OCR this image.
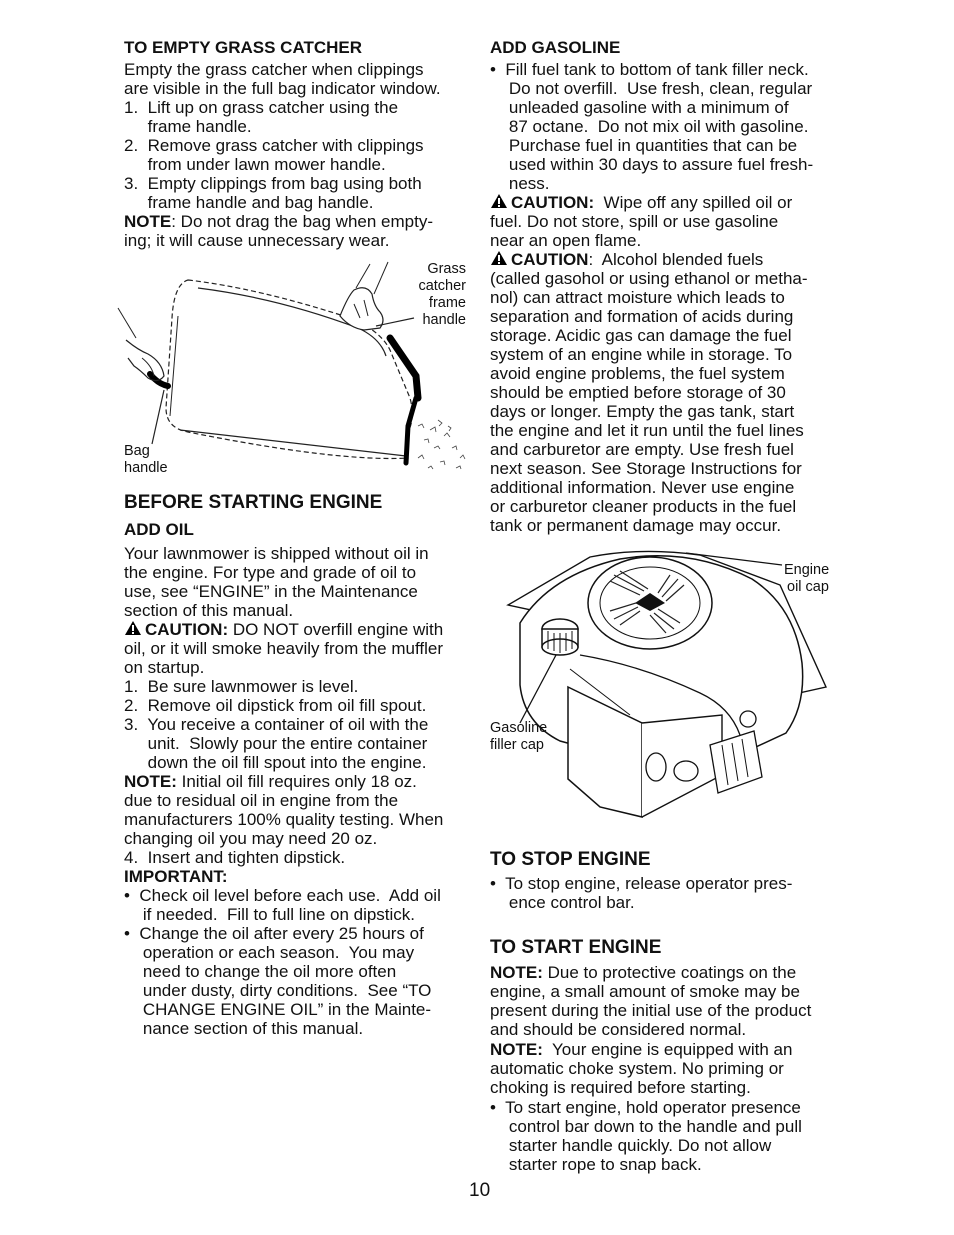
TO EMPTY GRASS CATCHER
Empty the grass catcher when clippings
are visible in the full bag indicator window.
1.  Lift up on grass catcher using the
frame handle.
2.  Remove grass catcher with clippings
from under lawn mower handle.
3.  Empty clippings from bag using both
frame handle and bag handle.
NOTE: Do not drag the bag when empty-
ing; it will cause unnecessary wear.
Grass
catcher
frame
handle
Bag
handle
BEFORE STARTING ENGINE
ADD OIL
Your lawnmower is shipped without oil in
the engine. For type and grade of oil to
use, see “ENGINE” in the Maintenance
section of this manual.
CAUTION: DO NOT overfill engine with
oil, or it will smoke heavily from the muffler
on startup.
1.  Be sure lawnmower is level.
2.  Remove oil dipstick from oil fill spout.
3.  You receive a container of oil with the
unit.  Slowly pour the entire container
down the oil fill spout into the engine.
NOTE: Initial oil fill requires only 18 oz.
due to residual oil in engine from the
manufacturers 100% quality testing. When
changing oil you may need 20 oz.
4.  Insert and tighten dipstick.
IMPORTANT:
•  Check oil level before each use.  Add oil
if needed.  Fill to full line on dipstick.
•  Change the oil after every 25 hours of
operation or each season.  You may
need to change the oil more often
under dusty, dirty conditions.  See “TO
CHANGE ENGINE OIL” in the Mainte-
nance section of this manual.
ADD GASOLINE
•  Fill fuel tank to bottom of tank filler neck.
Do not overfill.  Use fresh, clean, regular
unleaded gasoline with a minimum of
87 octane.  Do not mix oil with gasoline.
Purchase fuel in quantities that can be
used within 30 days to assure fuel fresh-
ness.
CAUTION:  Wipe off any spilled oil or
fuel. Do not store, spill or use gasoline
near an open flame.
CAUTION:  Alcohol blended fuels
(called gasohol or using ethanol or metha-
nol) can attract moisture which leads to
separation and formation of acids during
storage. Acidic gas can damage the fuel
system of an engine while in storage. To
avoid engine problems, the fuel system
should be emptied before storage of 30
days or longer. Empty the gas tank, start
the engine and let it run until the fuel lines
and carburetor are empty. Use fresh fuel
next season. See Storage Instructions for
additional information. Never use engine
or carburetor cleaner products in the fuel
tank or permanent damage may occur.
Engine
oil cap
Gasoline
filler cap
TO STOP ENGINE
•  To stop engine, release operator pres-
ence control bar.
TO START ENGINE
NOTE: Due to protective coatings on the
engine, a small amount of smoke may be
present during the initial use of the product
and should be considered normal.
NOTE:  Your engine is equipped with an
automatic choke system. No priming or
choking is required before starting.
•  To start engine, hold operator presence
control bar down to the handle and pull
starter handle quickly. Do not allow
starter rope to snap back.
10
